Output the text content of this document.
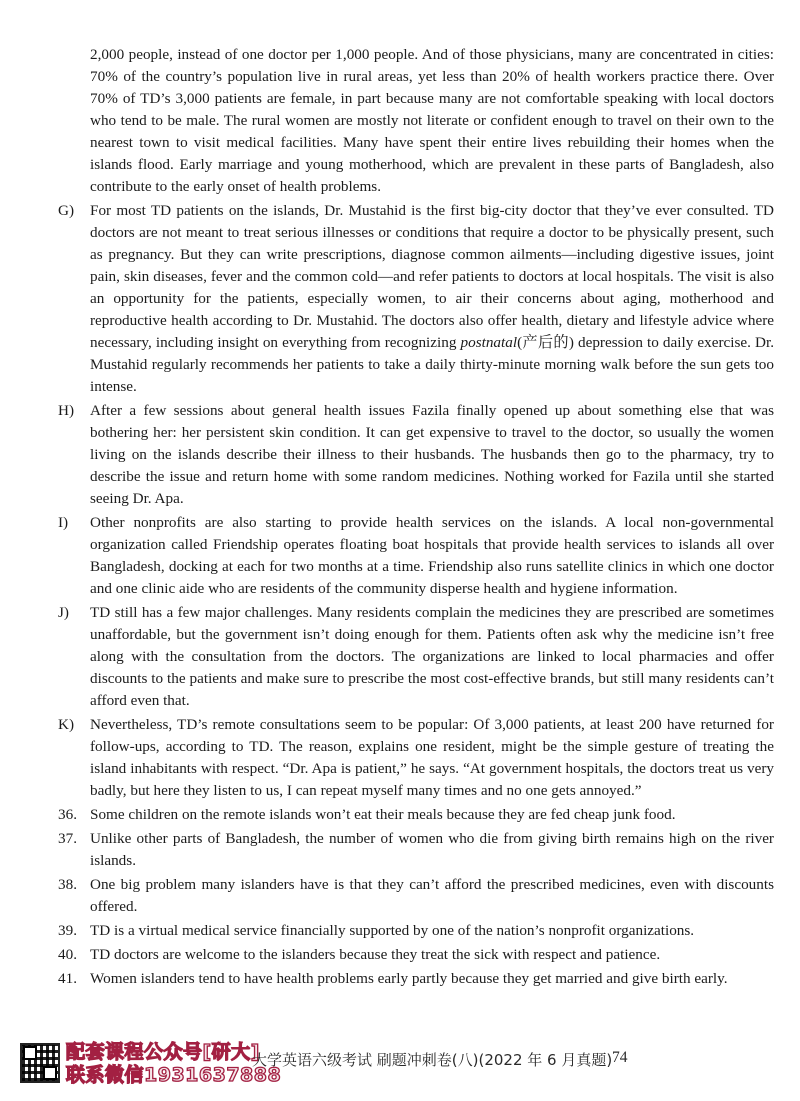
2,000 people, instead of one doctor per 1,000 people. And of those physicians, many are concentrated in cities: 70% of the country’s population live in rural areas, yet less than 20% of health workers practice there. Over 70% of TD’s 3,000 patients are female, in part because many are not comfortable speaking with local doctors who tend to be male. The rural women are mostly not literate or confident enough to travel on their own to the nearest town to visit medical facilities. Many have spent their entire lives rebuilding their homes when the islands flood. Early marriage and young motherhood, which are prevalent in these parts of Bangladesh, also contribute to the early onset of health problems.

G) For most TD patients on the islands, Dr. Mustahid is the first big-city doctor that they’ve ever consulted. TD doctors are not meant to treat serious illnesses or conditions that require a doctor to be physically present, such as pregnancy. But they can write prescriptions, diagnose common ailments—including digestive issues, joint pain, skin diseases, fever and the common cold—and refer patients to doctors at local hospitals. The visit is also an opportunity for the patients, especially women, to air their concerns about aging, motherhood and reproductive health according to Dr. Mustahid. The doctors also offer health, dietary and lifestyle advice where necessary, including insight on everything from recognizing postnatal(产后的) depression to daily exercise. Dr. Mustahid regularly recommends her patients to take a daily thirty-minute morning walk before the sun gets too intense.

H) After a few sessions about general health issues Fazila finally opened up about something else that was bothering her: her persistent skin condition. It can get expensive to travel to the doctor, so usually the women living on the islands describe their illness to their husbands. The husbands then go to the pharmacy, try to describe the issue and return home with some random medicines. Nothing worked for Fazila until she started seeing Dr. Apa.

I) Other nonprofits are also starting to provide health services on the islands. A local non-governmental organization called Friendship operates floating boat hospitals that provide health services to islands all over Bangladesh, docking at each for two months at a time. Friendship also runs satellite clinics in which one doctor and one clinic aide who are residents of the community disperse health and hygiene information.

J) TD still has a few major challenges. Many residents complain the medicines they are prescribed are sometimes unaffordable, but the government isn’t doing enough for them. Patients often ask why the medicine isn’t free along with the consultation from the doctors. The organizations are linked to local pharmacies and offer discounts to the patients and make sure to prescribe the most cost-effective brands, but still many residents can’t afford even that.

K) Nevertheless, TD’s remote consultations seem to be popular: Of 3,000 patients, at least 200 have returned for follow-ups, according to TD. The reason, explains one resident, might be the simple gesture of treating the island inhabitants with respect. “Dr. Apa is patient,” he says. “At government hospitals, the doctors treat us very badly, but here they listen to us, I can repeat myself many times and no one gets annoyed.”

36. Some children on the remote islands won’t eat their meals because they are fed cheap junk food.

37. Unlike other parts of Bangladesh, the number of women who die from giving birth remains high on the river islands.

38. One big problem many islanders have is that they can’t afford the prescribed medicines, even with discounts offered.

39. TD is a virtual medical service financially supported by one of the nation’s nonprofit organizations.

40. TD doctors are welcome to the islanders because they treat the sick with respect and patience.

41. Women islanders tend to have health problems early partly because they get married and give birth early.

配套课程公众号[研大]
联系微信1931637888
大学英语六级考试 刷题冲刺卷(八)(2022 年 6 月真题) 74
